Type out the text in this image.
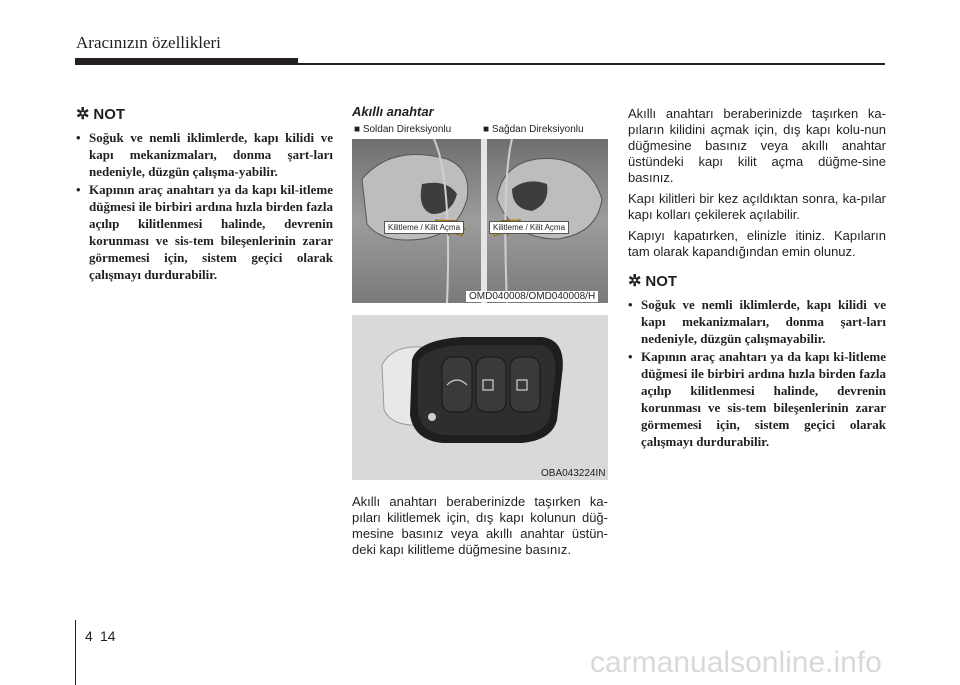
Aracınızın özellikleri
✲ NOT
• Soğuk ve nemli iklimlerde, kapı kilidi ve kapı mekanizmaları, donma şart-ları nedeniyle, düzgün çalışma-yabilir.
• Kapının araç anahtarı ya da kapı kil-itleme düğmesi ile birbiri ardına hızla birden fazla açılıp kilitlenmesi halinde, devrenin korunması ve sis-tem bileşenlerinin zarar görmemesi için, sistem geçici olarak çalışmayı durdurabilir.
Akıllı anahtar
■ Soldan Direksiyonlu	■ Sağdan Direksiyonlu
Kilitleme / Kilit Açma	Kilitleme / Kilit Açma
OMD040008/OMD040008/H
OBA043224IN
Akıllı anahtarı beraberinizde taşırken ka-pıları kilitlemek için, dış kapı kolunun düğ-mesine basınız veya akıllı anahtar üstün-deki kapı kilitleme düğmesine basınız.

Akıllı anahtarı beraberinizde taşırken ka-pıların kilidini açmak için, dış kapı kolu-nun düğmesine basınız veya akıllı anahtar üstündeki kapı kilit açma düğme-sine basınız.

Kapı kilitleri bir kez açıldıktan sonra, ka-pılar kapı kolları çekilerek açılabilir.

Kapıyı kapatırken, elinizle itiniz. Kapıların tam olarak kapandığından emin olunuz.

✲ NOT
• Soğuk ve nemli iklimlerde, kapı kilidi ve kapı mekanizmaları, donma şart-ları nedeniyle, düzgün çalışmayabilir.
• Kapının araç anahtarı ya da kapı ki-litleme düğmesi ile birbiri ardına hızla birden fazla açılıp kilitlenmesi halinde, devrenin korunması ve sis-tem bileşenlerinin zarar görmemesi için, sistem geçici olarak çalışmayı durdurabilir.
4 14
carmanualsonline.info
